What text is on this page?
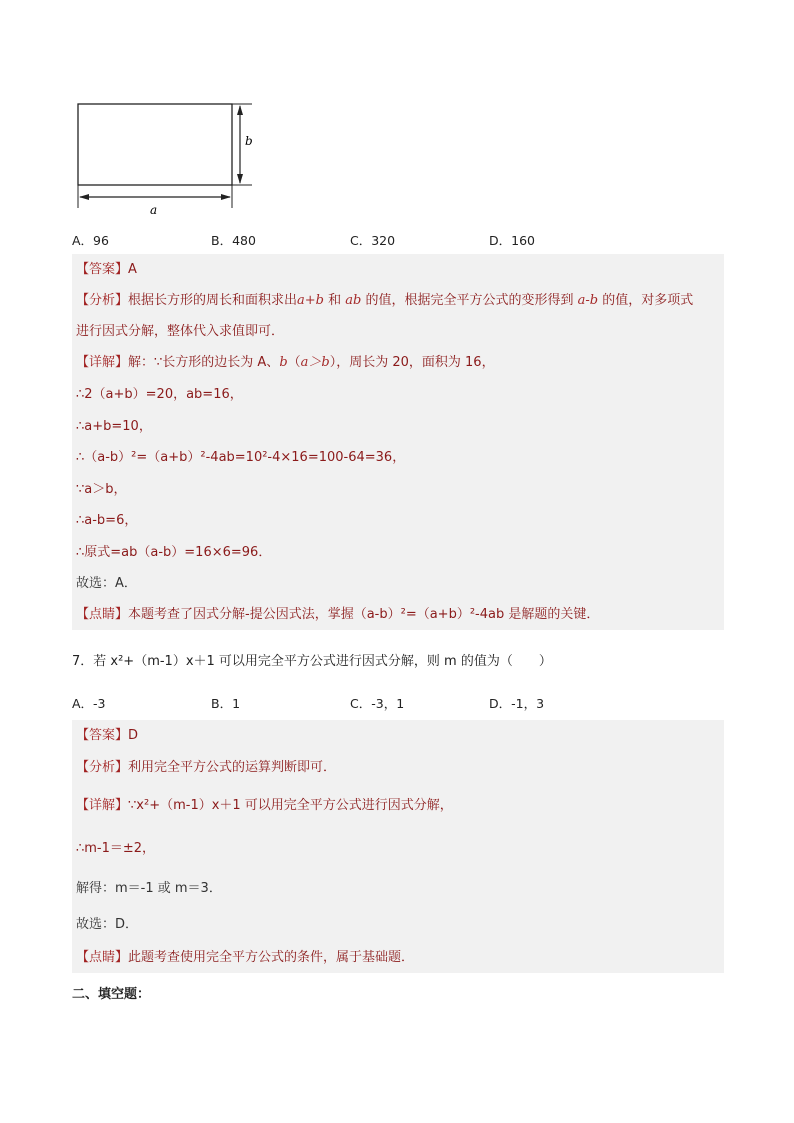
b
a
A．96	B．480	C．320	D．160
【答案】A
【分析】根据长方形的周长和面积求出a+b 和 ab 的值，根据完全平方公式的变形得到 a-b 的值，对多项式
进行因式分解，整体代入求值即可．
【详解】解：∵长方形的边长为 A、b（a＞b），周长为 20，面积为 16，
∴2（a+b）=20，ab=16，
∴a+b=10，
∴（a-b）²=（a+b）²-4ab=10²-4×16=100-64=36，
∵a＞b，
∴a-b=6，
∴原式=ab（a-b）=16×6=96．
故选：A．
【点睛】本题考查了因式分解-提公因式法，掌握（a-b）²=（a+b）²-4ab 是解题的关键．
7．若 x²+（m-1）x＋1 可以用完全平方公式进行因式分解，则 m 的值为（　　）
A．-3	B．1	C．-3，1	D．-1，3
【答案】D
【分析】利用完全平方公式的运算判断即可．
【详解】∵x²+（m-1）x＋1 可以用完全平方公式进行因式分解，
∴m-1＝±2，
解得：m＝-1 或 m＝3．
故选：D．
【点睛】此题考查使用完全平方公式的条件，属于基础题．
二、填空题：
